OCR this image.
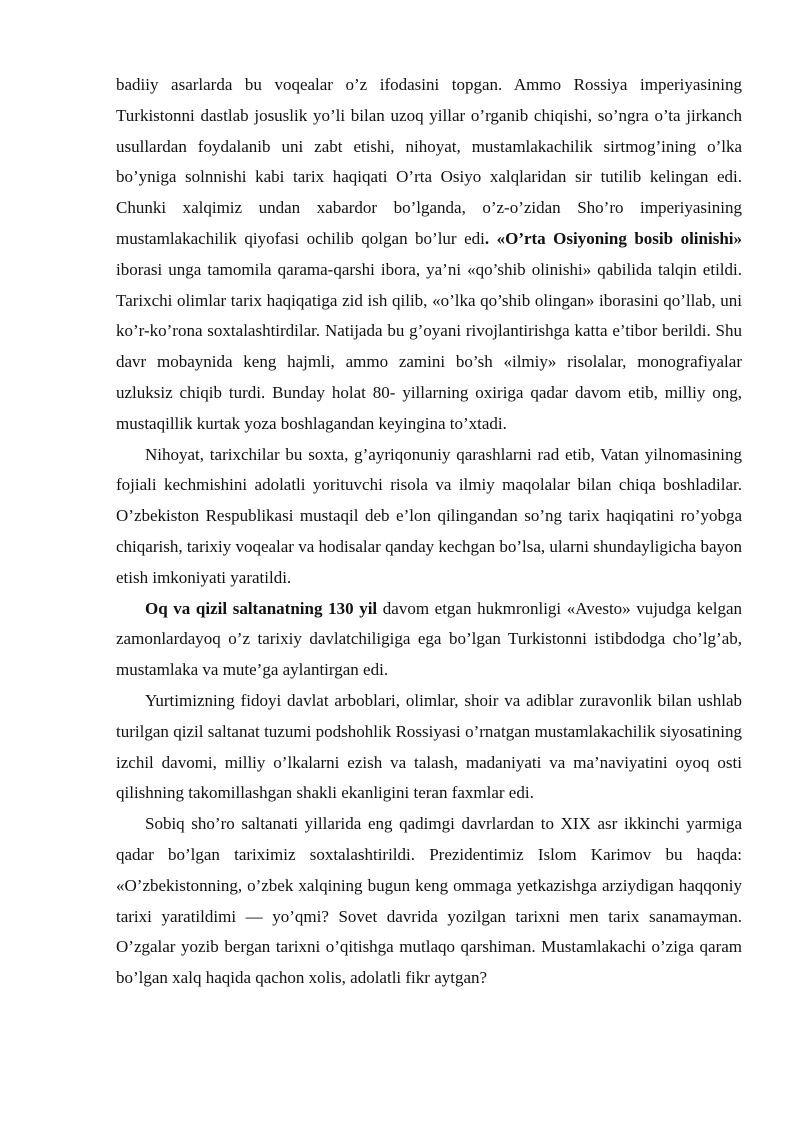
badiiy asarlarda bu voqealar o’z ifodasini topgan. Ammo Rossiya imperiyasining Turkistonni dastlab josuslik yo’li bilan uzoq yillar o’rganib chiqishi, so’ngra o’ta jirkanch usullardan foydalanib uni zabt etishi, nihoyat, mustamlakachilik sirtmog’ining o’lka bo’yniga solnnishi kabi tarix haqiqati O’rta Osiyo xalqlaridan sir tutilib kelingan edi. Chunki xalqimiz undan xabardor bo’lganda, o’z-o’zidan Sho’ro imperiyasining mustamlakachilik qiyofasi ochilib qolgan bo’lur edi. «O’rta Osiyoning bosib olinishi» iborasi unga tamomila qarama-qarshi ibora, ya’ni «qo’shib olinishi» qabilida talqin etildi. Tarixchi olimlar tarix haqiqatiga zid ish qilib, «o’lka qo’shib olingan» iborasini qo’llab, uni ko’r-ko’rona soxtalashtirdilar. Natijada bu g’oyani rivojlantirishga katta e’tibor berildi. Shu davr mobaynida keng hajmli, ammo zamini bo’sh «ilmiy» risolalar, monografiyalar uzluksiz chiqib turdi. Bunday holat 80- yillarning oxiriga qadar davom etib, milliy ong, mustaqillik kurtak yoza boshlagandan keyingina to’xtadi.

Nihoyat, tarixchilar bu soxta, g’ayriqonuniy qarashlarni rad etib, Vatan yilnomasining fojiali kechmishini adolatli yorituvchi risola va ilmiy maqolalar bilan chiqa boshladilar. O’zbekiston Respublikasi mustaqil deb e’lon qilingandan so’ng tarix haqiqatini ro’yobga chiqarish, tarixiy voqealar va hodisalar qanday kechgan bo’lsa, ularni shundayligicha bayon etish imkoniyati yaratildi.

Oq va qizil saltanatning 130 yil davom etgan hukmronligi «Avesto» vujudga kelgan zamonlardayoq o’z tarixiy davlatchiligiga ega bo’lgan Turkistonni istibdodga cho’lg’ab, mustamlaka va mute’ga aylantirgan edi.

Yurtimizning fidoyi davlat arboblari, olimlar, shoir va adiblar zuravonlik bilan ushlab turilgan qizil saltanat tuzumi podshohlik Rossiyasi o’rnatgan mustamlakachilik siyosatining izchil davomi, milliy o’lkalarni ezish va talash, madaniyati va ma’naviyatini oyoq osti qilishning takomillashgan shakli ekanligini teran faxmlar edi.

Sobiq sho’ro saltanati yillarida eng qadimgi davrlardan to XIX asr ikkinchi yarmiga qadar bo’lgan tariximiz soxtalashtirildi. Prezidentimiz Islom Karimov bu haqda: «O’zbekistonning, o’zbek xalqining bugun keng ommaga yetkazishga arziydigan haqqoniy tarixi yaratildimi — yo’qmi? Sovet davrida yozilgan tarixni men tarix sanamayman. O’zgalar yozib bergan tarixni o’qitishga mutlaqo qarshiman. Mustamlakachi o’ziga qaram bo’lgan xalq haqida qachon xolis, adolatli fikr aytgan?
